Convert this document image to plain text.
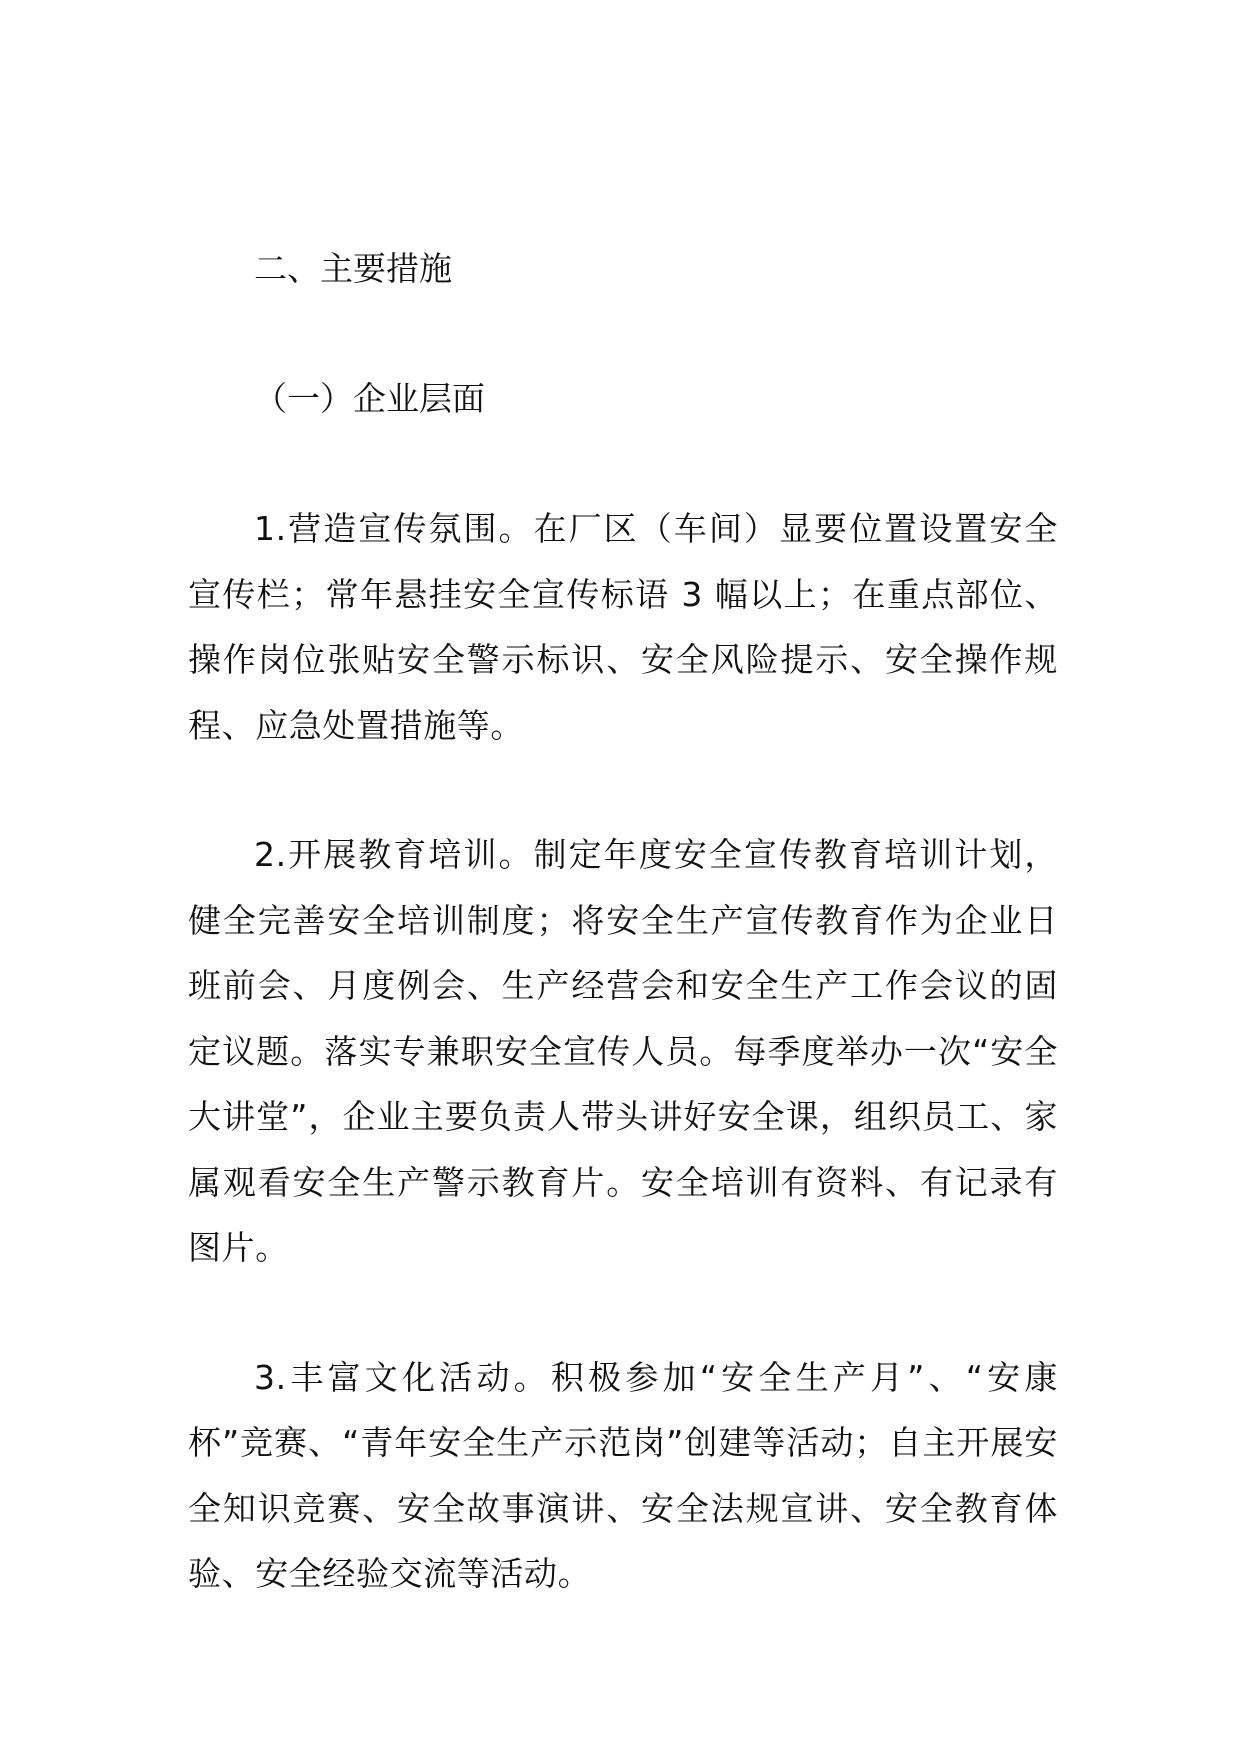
二、主要措施

（一）企业层面

1.营造宣传氛围。在厂区（车间）显要位置设置安全宣传栏；常年悬挂安全宣传标语 3 幅以上；在重点部位、操作岗位张贴安全警示标识、安全风险提示、安全操作规程、应急处置措施等。

2.开展教育培训。制定年度安全宣传教育培训计划，健全完善安全培训制度；将安全生产宣传教育作为企业日班前会、月度例会、生产经营会和安全生产工作会议的固定议题。落实专兼职安全宣传人员。每季度举办一次“安全大讲堂”，企业主要负责人带头讲好安全课，组织员工、家属观看安全生产警示教育片。安全培训有资料、有记录有图片。

3.丰富文化活动。积极参加“安全生产月”、“安康杯”竞赛、“青年安全生产示范岗”创建等活动；自主开展安全知识竞赛、安全故事演讲、安全法规宣讲、安全教育体验、安全经验交流等活动。
